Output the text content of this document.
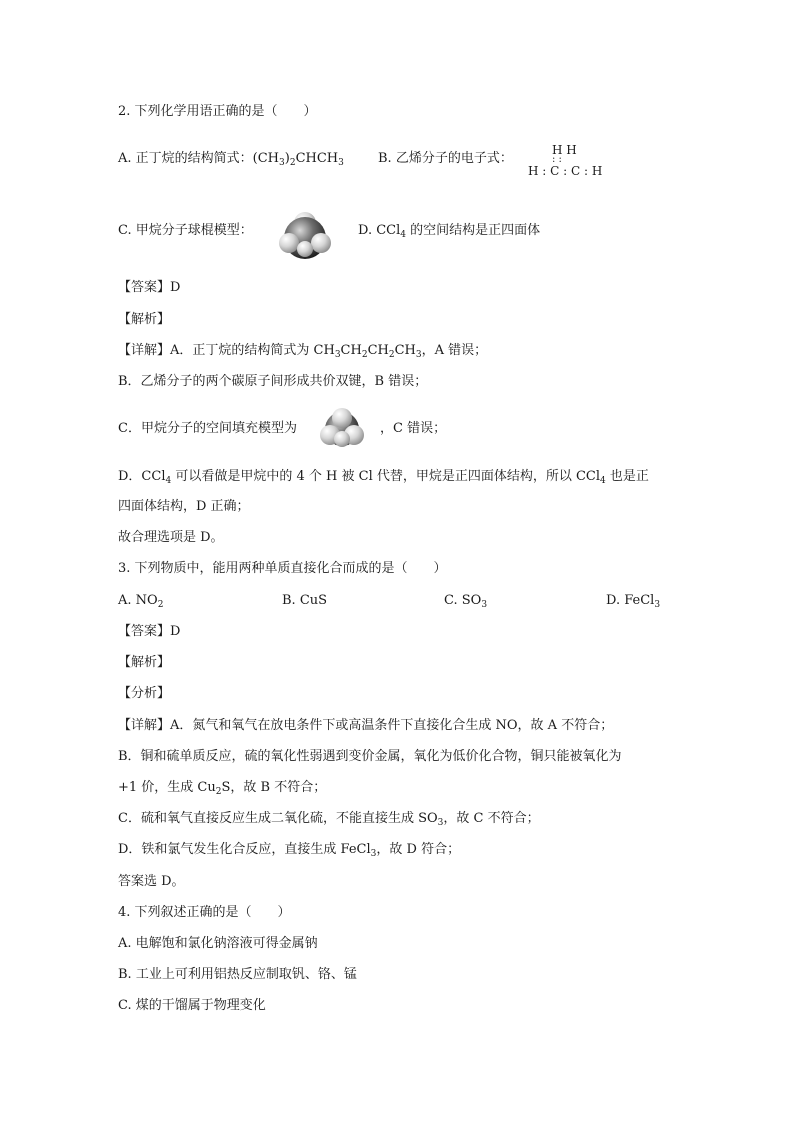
2. 下列化学用语正确的是（　　）
A. 正丁烷的结构简式：$(CH_3)_2CHCH_3$	B. 乙烯分子的电子式：
H H
: :
H : C : C : H
C. 甲烷分子球棍模型：	D. CCl$_4$ 的空间结构是正四面体
【答案】D
【解析】
【详解】A．正丁烷的结构简式为 $CH_3CH_2CH_2CH_3$，A 错误；
B．乙烯分子的两个碳原子间形成共价双键，B 错误；
C．甲烷分子的空间填充模型为	，C 错误；
D．CCl$_4$ 可以看做是甲烷中的 4 个 H 被 Cl 代替，甲烷是正四面体结构，所以 CCl$_4$ 也是正
四面体结构，D 正确；
故合理选项是 D。
3. 下列物质中，能用两种单质直接化合而成的是（　　）
A. $NO_2$	B. CuS	C. $SO_3$	D. FeCl$_3$
【答案】D
【解析】
【分析】
【详解】A．氮气和氧气在放电条件下或高温条件下直接化合生成 NO，故 A 不符合；
B．铜和硫单质反应，硫的氧化性弱遇到变价金属，氧化为低价化合物，铜只能被氧化为
+1 价，生成 $Cu_2S$，故 B 不符合；
C．硫和氧气直接反应生成二氧化硫，不能直接生成 $SO_3$，故 C 不符合；
D．铁和氯气发生化合反应，直接生成 FeCl$_3$，故 D 符合；
答案选 D。
4. 下列叙述正确的是（　　）
A. 电解饱和氯化钠溶液可得金属钠
B. 工业上可利用铝热反应制取钒、铬、锰
C. 煤的干馏属于物理变化
